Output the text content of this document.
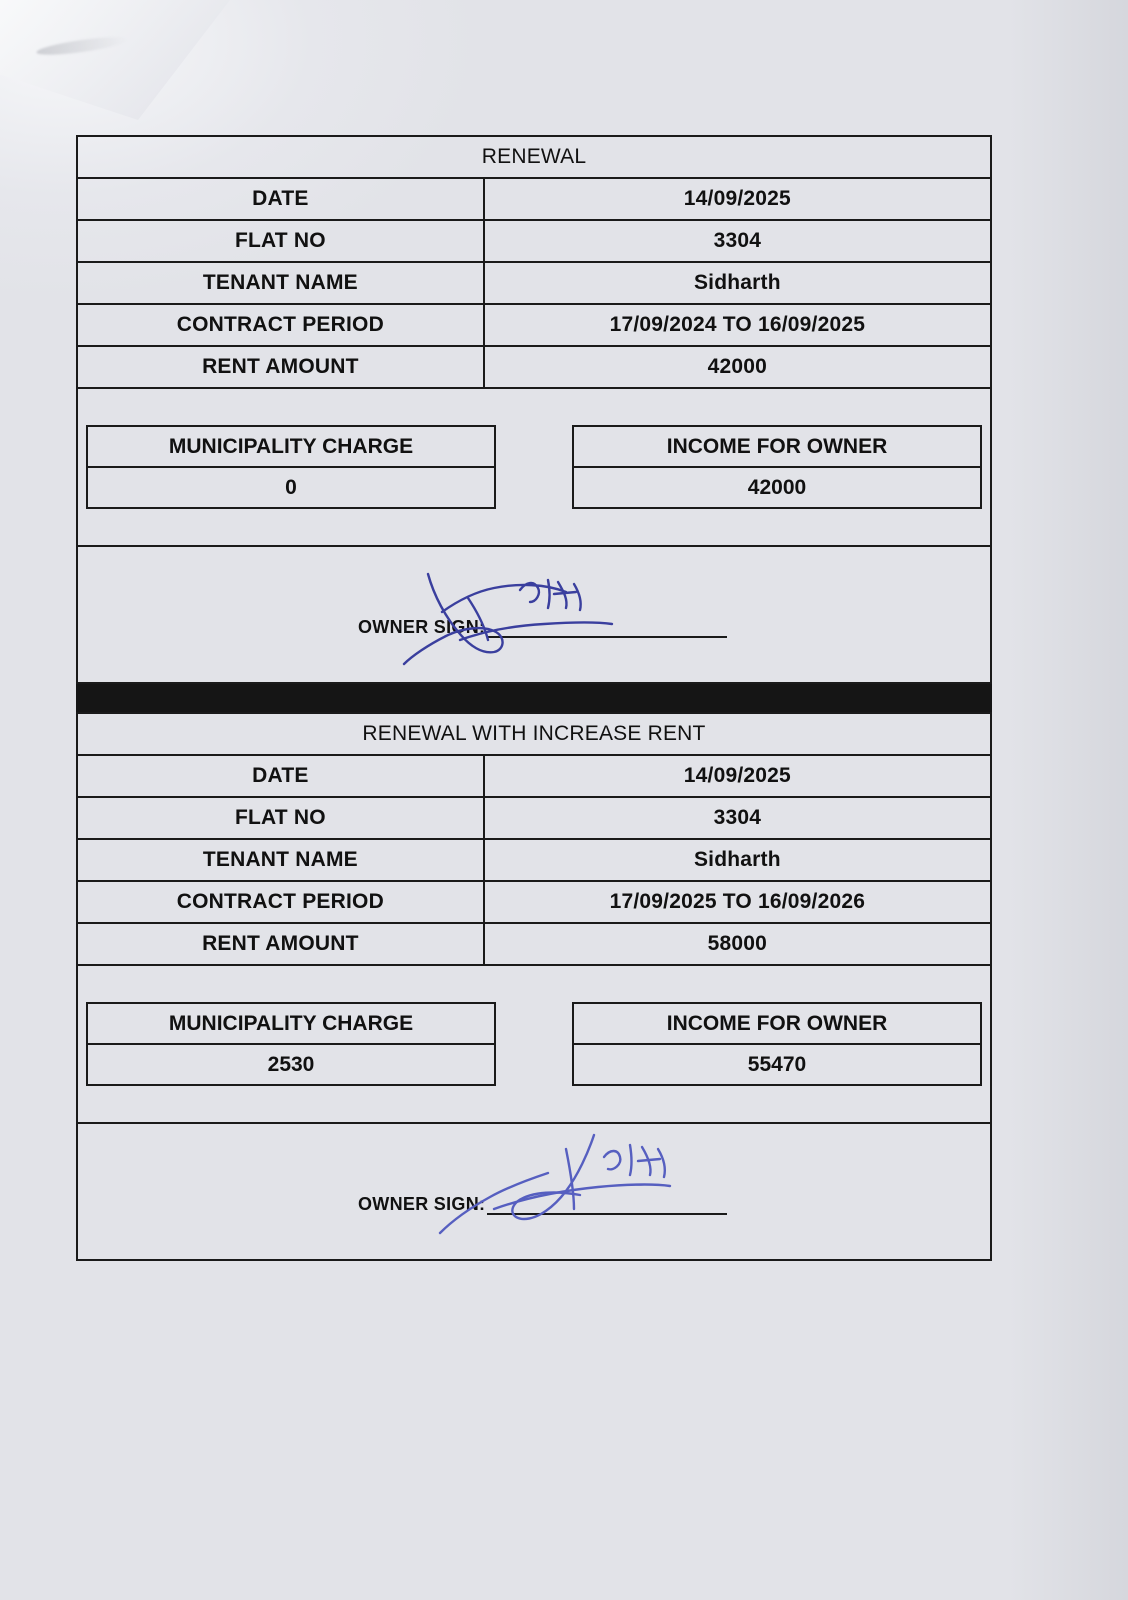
RENEWAL	
DATE	14/09/2025
FLAT NO	3304
TENANT NAME	Sidharth
CONTRACT PERIOD	17/09/2024 TO 16/09/2025
RENT AMOUNT	42000

MUNICIPALITY CHARGE
0
INCOME FOR OWNER
42000
OWNER SIGN:
RENEWAL WITH INCREASE RENT	
DATE	14/09/2025
FLAT NO	3304
TENANT NAME	Sidharth
CONTRACT PERIOD	17/09/2025 TO 16/09/2026
RENT AMOUNT	58000

MUNICIPALITY CHARGE
2530
INCOME FOR OWNER
55470
OWNER SIGN:
